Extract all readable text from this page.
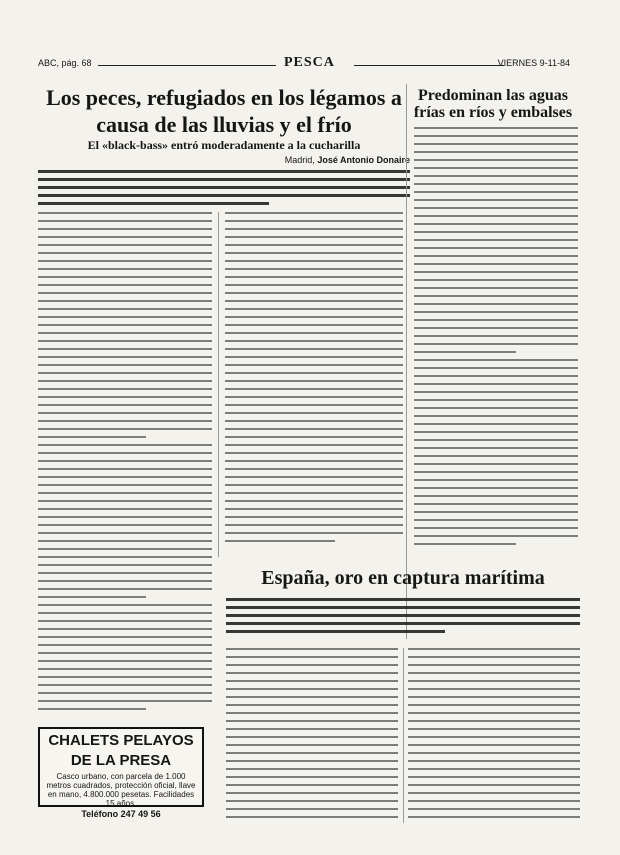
ABC, pág. 68	PESCA	VIERNES 9-11-84
Los peces, refugiados en los légamos a causa de las lluvias y el frío
El «black-bass» entró moderadamente a la cucharilla
Madrid, José Antonio Donaire
CHALETS PELAYOS
DE LA PRESA
Casco urbano, con parcela de 1.000 metros cuadrados, protección oficial, llave en mano, 4.800.000 pesetas. Facilidades 15 años.
Teléfono 247 49 56
Predominan las aguas frías en ríos y embalses
España, oro en captura marítima
